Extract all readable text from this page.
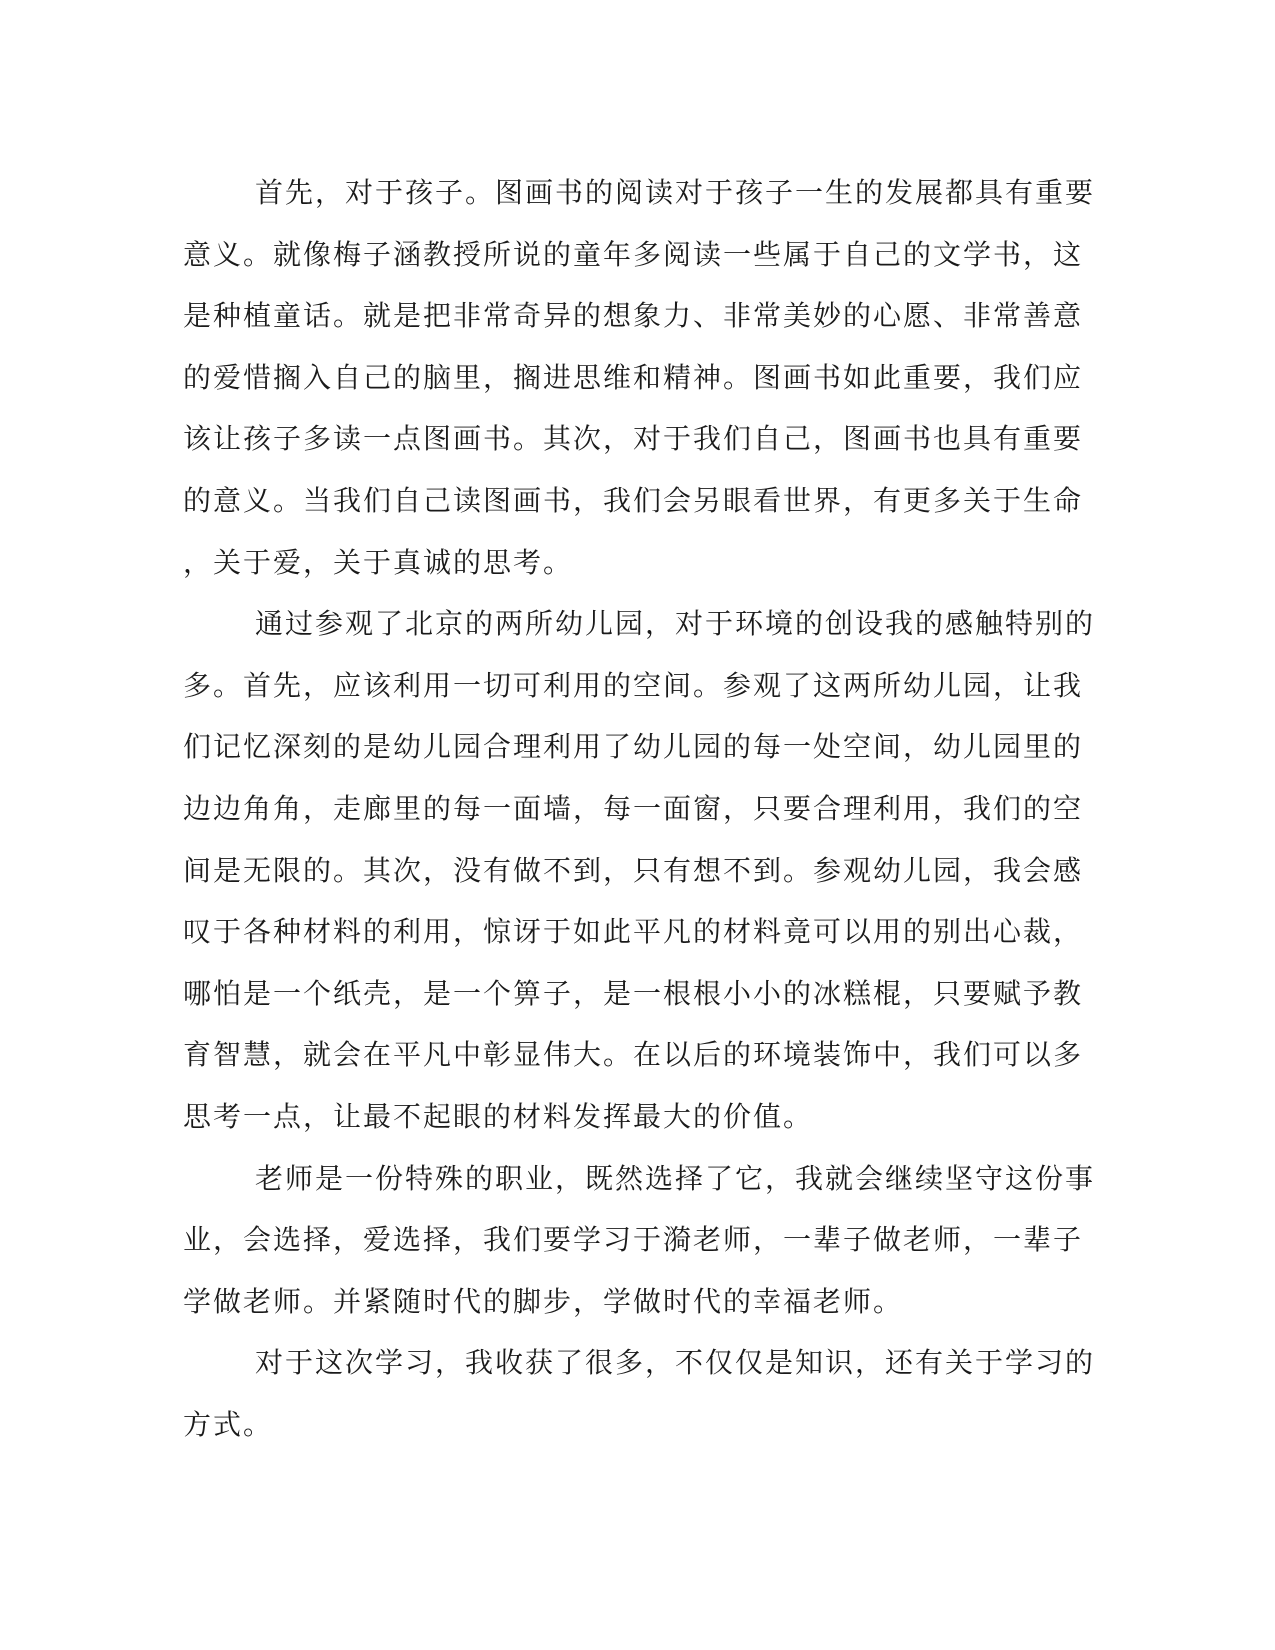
首先，对于孩子。图画书的阅读对于孩子一生的发展都具有重要
意义。就像梅子涵教授所说的童年多阅读一些属于自己的文学书，这
是种植童话。就是把非常奇异的想象力、非常美妙的心愿、非常善意
的爱惜搁入自己的脑里，搁进思维和精神。图画书如此重要，我们应
该让孩子多读一点图画书。其次，对于我们自己，图画书也具有重要
的意义。当我们自己读图画书，我们会另眼看世界，有更多关于生命
，关于爱，关于真诚的思考。
通过参观了北京的两所幼儿园，对于环境的创设我的感触特别的
多。首先，应该利用一切可利用的空间。参观了这两所幼儿园，让我
们记忆深刻的是幼儿园合理利用了幼儿园的每一处空间，幼儿园里的
边边角角，走廊里的每一面墙，每一面窗，只要合理利用，我们的空
间是无限的。其次，没有做不到，只有想不到。参观幼儿园，我会感
叹于各种材料的利用，惊讶于如此平凡的材料竟可以用的别出心裁，
哪怕是一个纸壳，是一个箅子，是一根根小小的冰糕棍，只要赋予教
育智慧，就会在平凡中彰显伟大。在以后的环境装饰中，我们可以多
思考一点，让最不起眼的材料发挥最大的价值。
老师是一份特殊的职业，既然选择了它，我就会继续坚守这份事
业，会选择，爱选择，我们要学习于漪老师，一辈子做老师，一辈子
学做老师。并紧随时代的脚步，学做时代的幸福老师。
对于这次学习，我收获了很多，不仅仅是知识，还有关于学习的
方式。
